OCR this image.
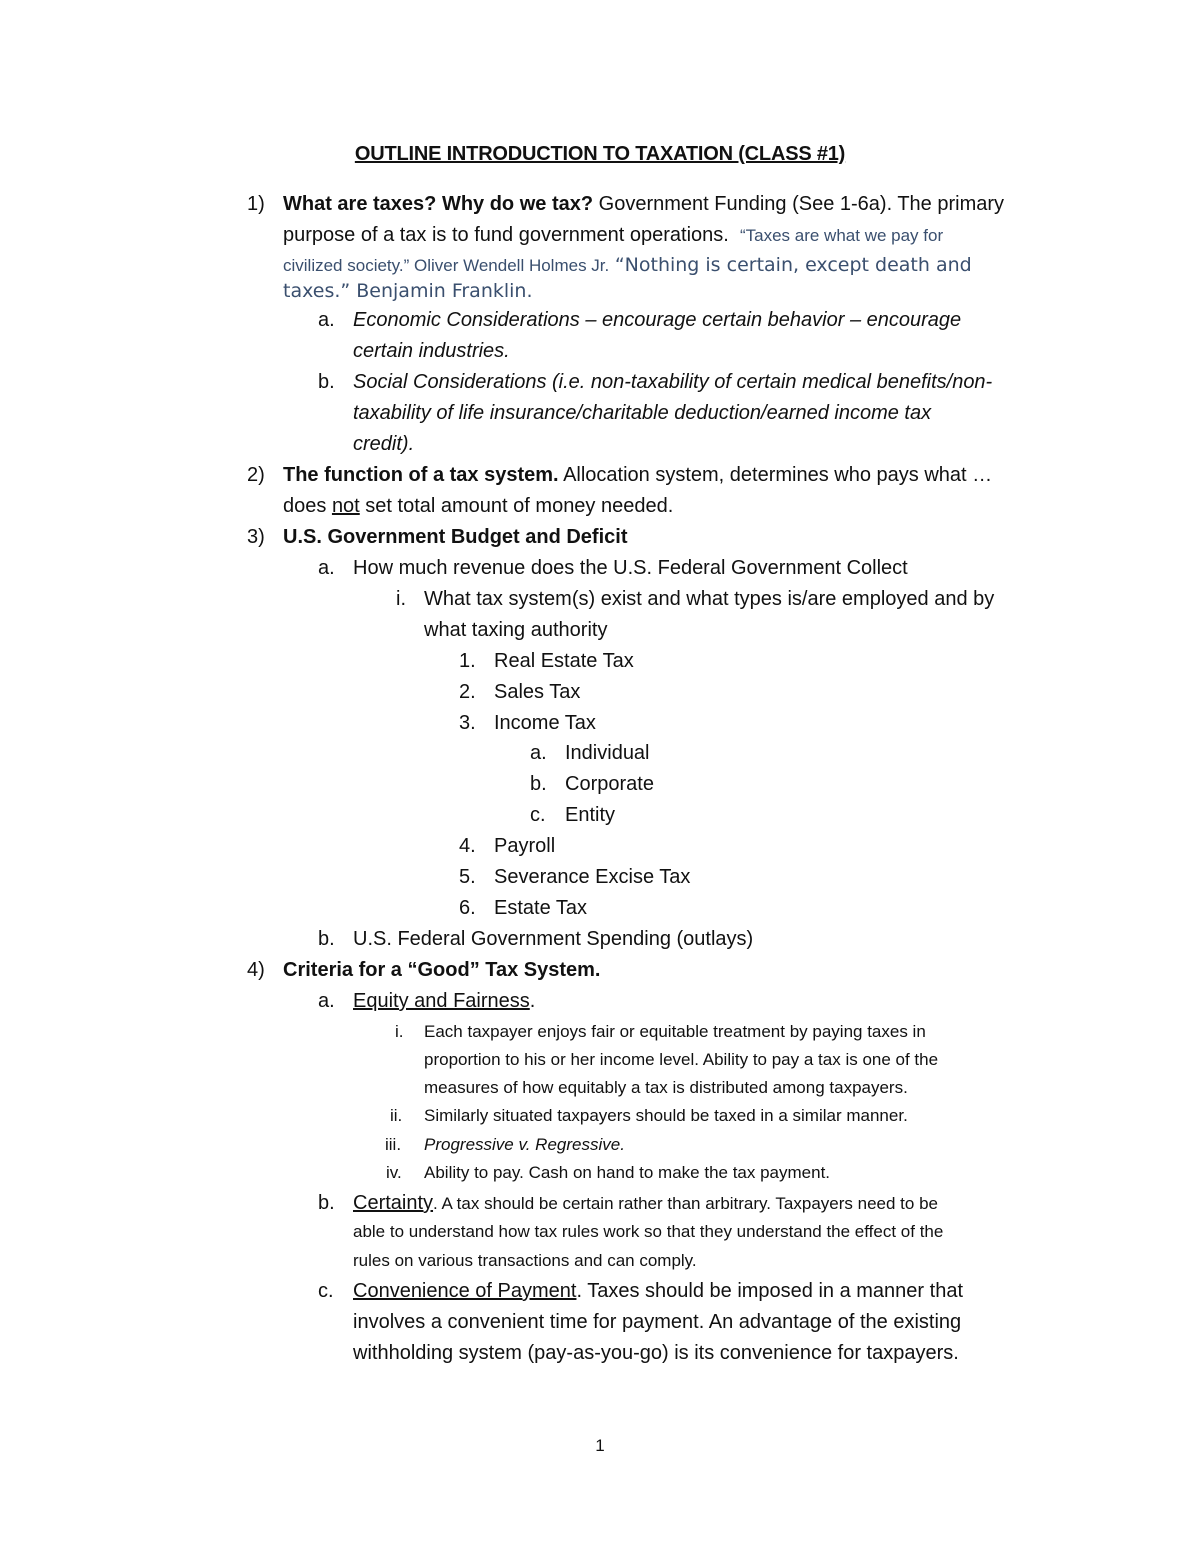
OUTLINE INTRODUCTION TO TAXATION (CLASS #1)
1) What are taxes? Why do we tax? Government Funding (See 1-6a). The primary
purpose of a tax is to fund government operations. “Taxes are what we pay for
civilized society.” Oliver Wendell Holmes Jr. “Nothing is certain, except death and
taxes.” Benjamin Franklin.
a. Economic Considerations – encourage certain behavior – encourage
certain industries.
b. Social Considerations (i.e. non-taxability of certain medical benefits/non-
taxability of life insurance/charitable deduction/earned income tax
credit).
2) The function of a tax system. Allocation system, determines who pays what …
does not set total amount of money needed.
3) U.S. Government Budget and Deficit
a. How much revenue does the U.S. Federal Government Collect
i. What tax system(s) exist and what types is/are employed and by
what taxing authority
1. Real Estate Tax
2. Sales Tax
3. Income Tax
a. Individual
b. Corporate
c. Entity
4. Payroll
5. Severance Excise Tax
6. Estate Tax
b. U.S. Federal Government Spending (outlays)
4) Criteria for a “Good” Tax System.
a. Equity and Fairness.
i. Each taxpayer enjoys fair or equitable treatment by paying taxes in
proportion to his or her income level. Ability to pay a tax is one of the
measures of how equitably a tax is distributed among taxpayers.
ii. Similarly situated taxpayers should be taxed in a similar manner.
iii. Progressive v. Regressive.
iv. Ability to pay. Cash on hand to make the tax payment.
b. Certainty. A tax should be certain rather than arbitrary. Taxpayers need to be
able to understand how tax rules work so that they understand the effect of the
rules on various transactions and can comply.
c. Convenience of Payment. Taxes should be imposed in a manner that
involves a convenient time for payment. An advantage of the existing
withholding system (pay-as-you-go) is its convenience for taxpayers.
1
